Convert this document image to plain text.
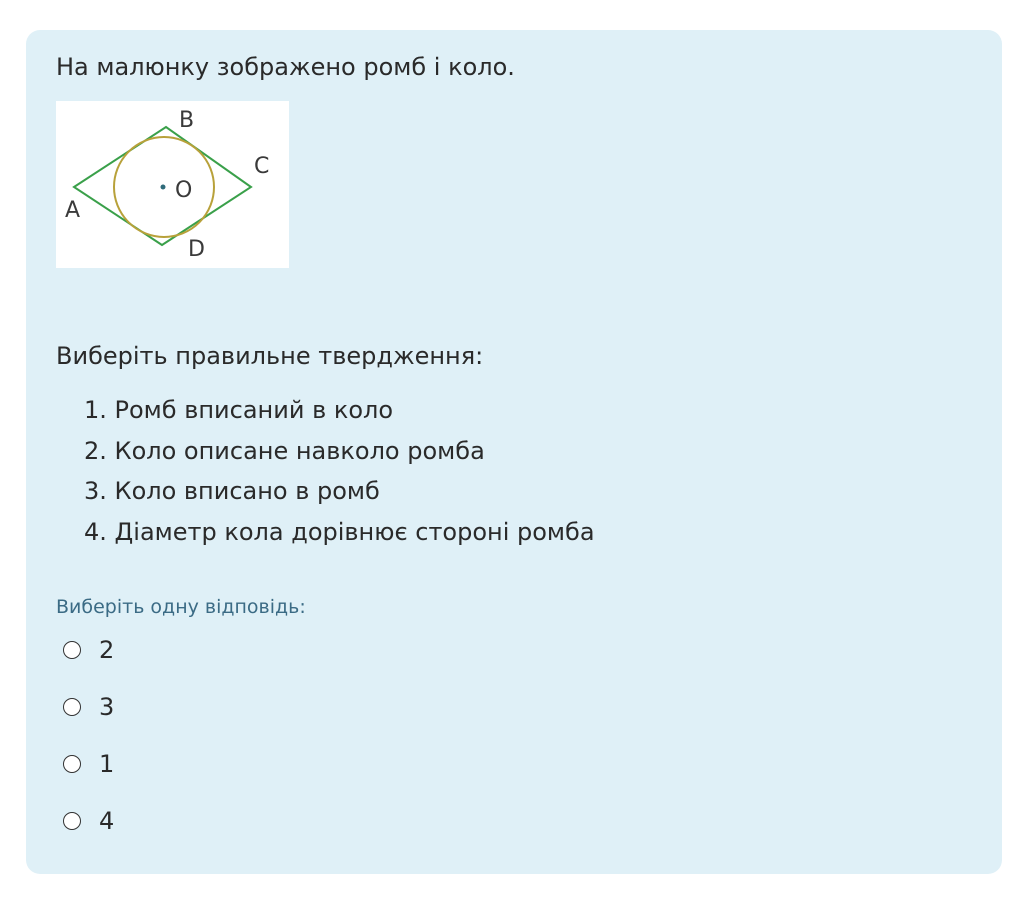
На малюнку зображено ромб і коло.

B
C
O
A
D

Виберіть правильне твердження:

1. Ромб вписаний в коло
2. Коло описане навколо ромба
3. Коло вписано в ромб
4. Діаметр кола дорівнює стороні ромба

Виберіть одну відповідь:

2
3
1
4
